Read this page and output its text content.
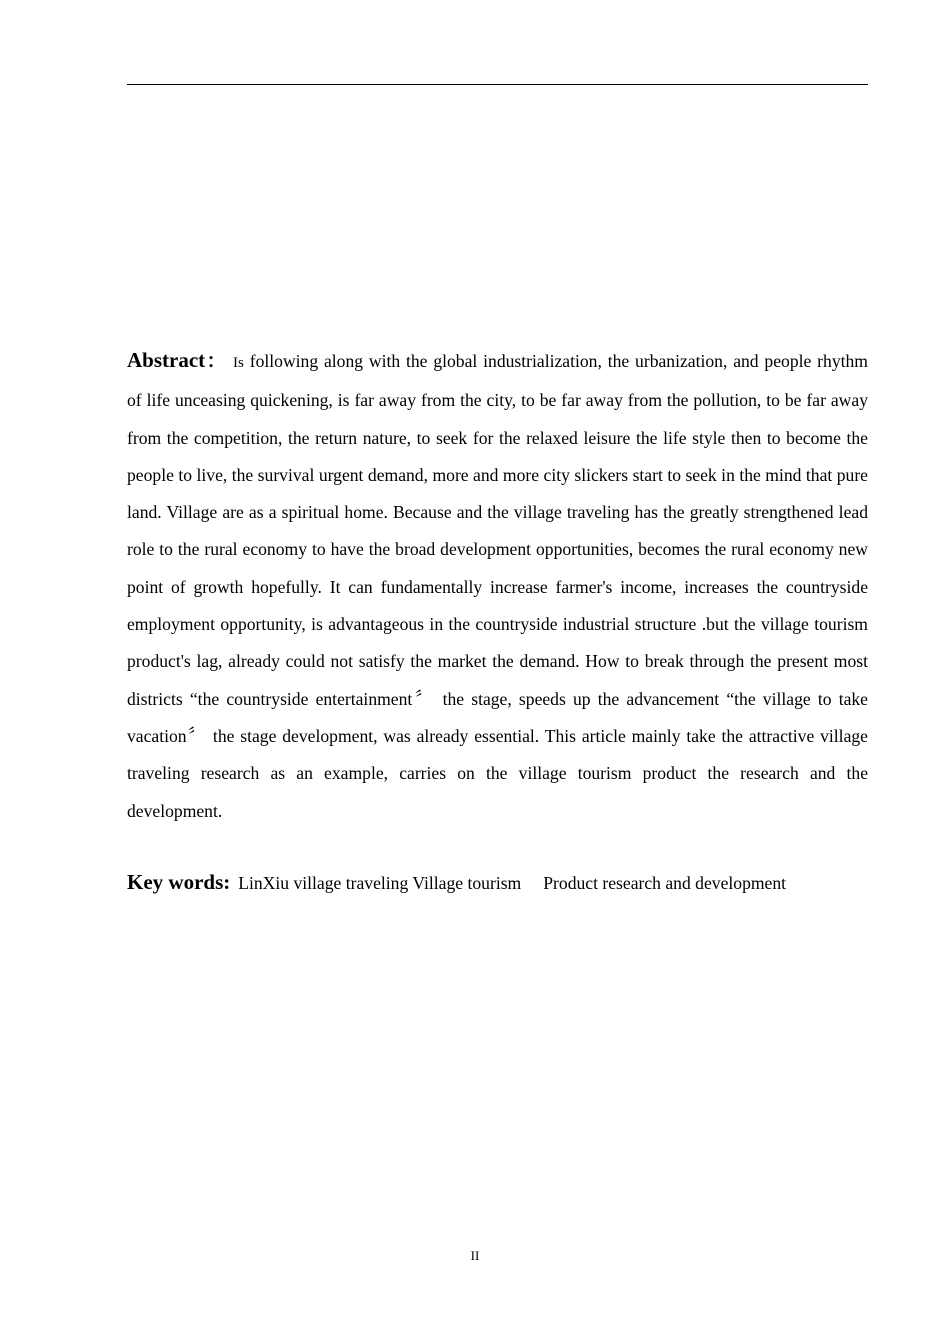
Abstract： Is following along with the global industrialization, the urbanization, and people rhythm of life unceasing quickening, is far away from the city, to be far away from the pollution, to be far away from the competition, the return nature, to seek for the relaxed leisure the life style then to become the people to live, the survival urgent demand, more and more city slickers start to seek in the mind that pure land. Village are as a spiritual home. Because and the village traveling has the greatly strengthened lead role to the rural economy to have the broad development opportunities, becomes the rural economy new point of growth hopefully. It can fundamentally increase farmer's income, increases the countryside employment opportunity, is advantageous in the countryside industrial structure .but the village tourism product's lag, already could not satisfy the market the demand. How to break through the present most districts “the countryside entertainment〞 the stage, speeds up the advancement “the village to take vacation〞 the stage development, was already essential. This article mainly take the attractive village traveling research as an example, carries on the village tourism product the research and the development.

Key words: LinXiu village traveling Village tourism Product research and development

II
